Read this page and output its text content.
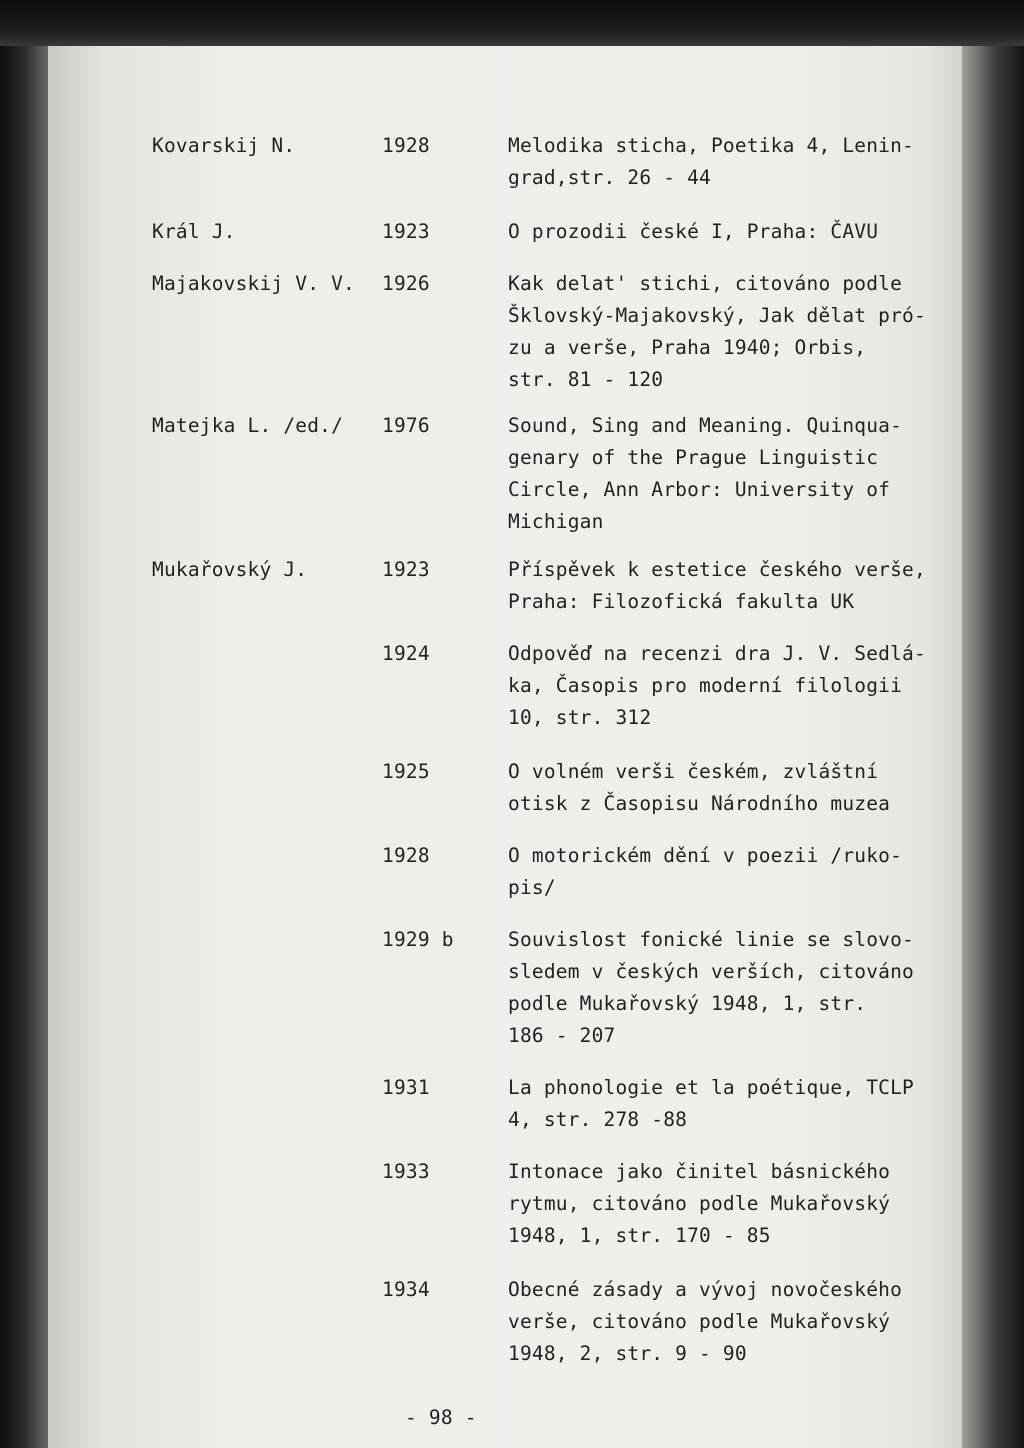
Kovarskij N.	1928	Melodika sticha, Poetika 4, Lenin-
grad,str. 26 - 44
Král J.	1923	O prozodii české I, Praha: ČAVU
Majakovskij V. V. 1926	Kak delat' stichi, citováno podle
Šklovský-Majakovský, Jak dělat pró-
zu a verše, Praha 1940; Orbis,
str. 81 - 120
Matejka L. /ed./ 1976	Sound, Sing and Meaning. Quinqua-
genary of the Prague Linguistic
Circle, Ann Arbor: University of
Michigan
Mukařovský J.	1923	Příspěvek k estetice českého verše,
Praha: Filozofická fakulta UK
1924	Odpověď na recenzi dra J. V. Sedlá-
ka, Časopis pro moderní filologii
10, str. 312
1925	O volném verši českém, zvláštní
otisk z Časopisu Národního muzea
1928	O motorickém dění v poezii /ruko-
pis/
1929 b	Souvislost fonické linie se slovo-
sledem v českých verších, citováno
podle Mukařovský 1948, 1, str.
186 - 207
1931	La phonologie et la poétique, TCLP
4, str. 278 -88
1933	Intonace jako činitel básnického
rytmu, citováno podle Mukařovský
1948, 1, str. 170 - 85
1934	Obecné zásady a vývoj novočeského
verše, citováno podle Mukařovský
1948, 2, str. 9 - 90
- 98 -
